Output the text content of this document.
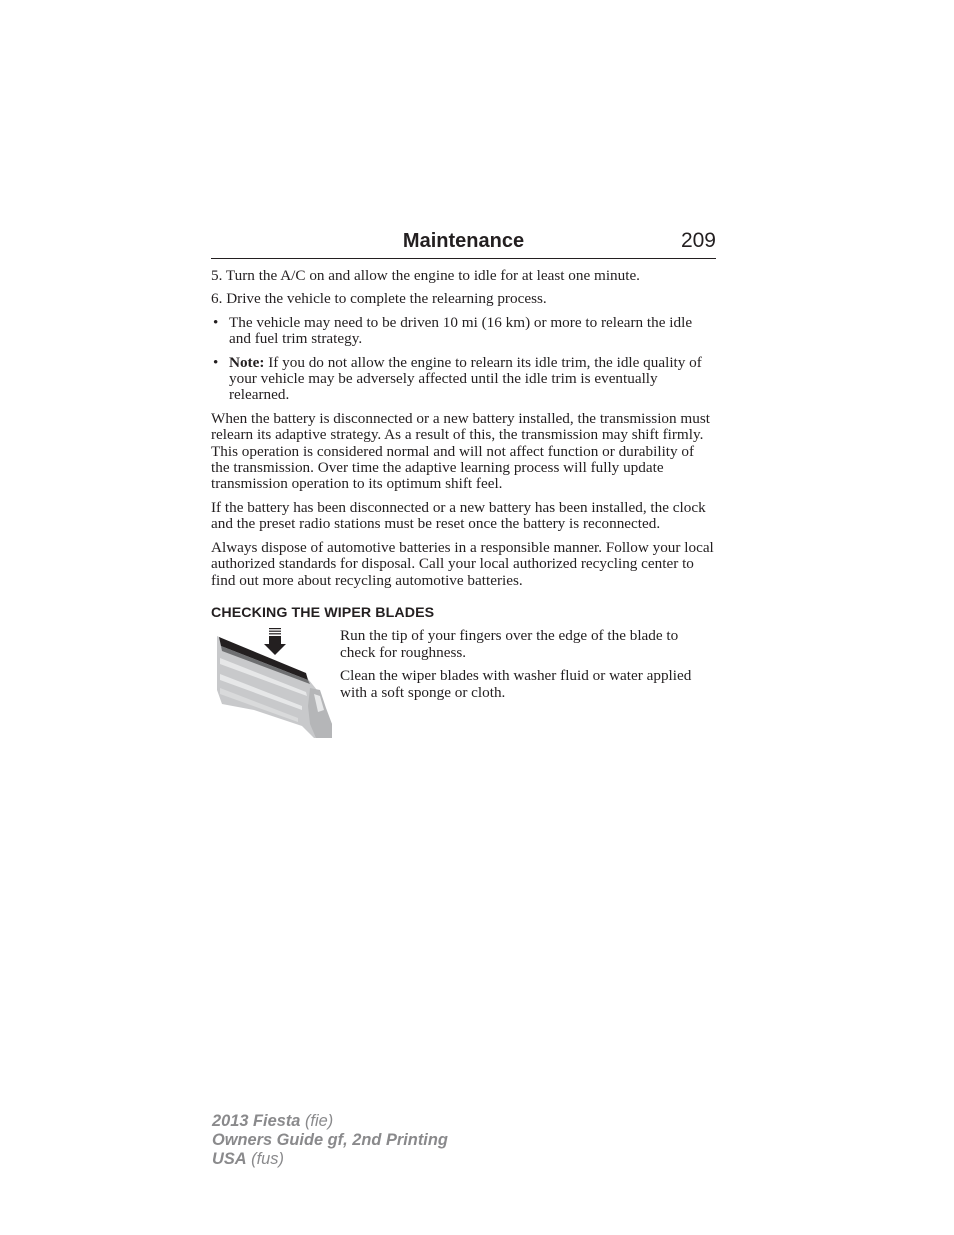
Maintenance	209

5. Turn the A/C on and allow the engine to idle for at least one minute.

6. Drive the vehicle to complete the relearning process.

• The vehicle may need to be driven 10 mi (16 km) or more to relearn the idle and fuel trim strategy.
• Note: If you do not allow the engine to relearn its idle trim, the idle quality of your vehicle may be adversely affected until the idle trim is eventually relearned.

When the battery is disconnected or a new battery installed, the transmission must relearn its adaptive strategy. As a result of this, the transmission may shift firmly. This operation is considered normal and will not affect function or durability of the transmission. Over time the adaptive learning process will fully update transmission operation to its optimum shift feel.

If the battery has been disconnected or a new battery has been installed, the clock and the preset radio stations must be reset once the battery is reconnected.

Always dispose of automotive batteries in a responsible manner. Follow your local authorized standards for disposal. Call your local authorized recycling center to find out more about recycling automotive batteries.

CHECKING THE WIPER BLADES

Run the tip of your fingers over the edge of the blade to check for roughness.

Clean the wiper blades with washer fluid or water applied with a soft sponge or cloth.

2013 Fiesta (fie)
Owners Guide gf, 2nd Printing
USA (fus)
